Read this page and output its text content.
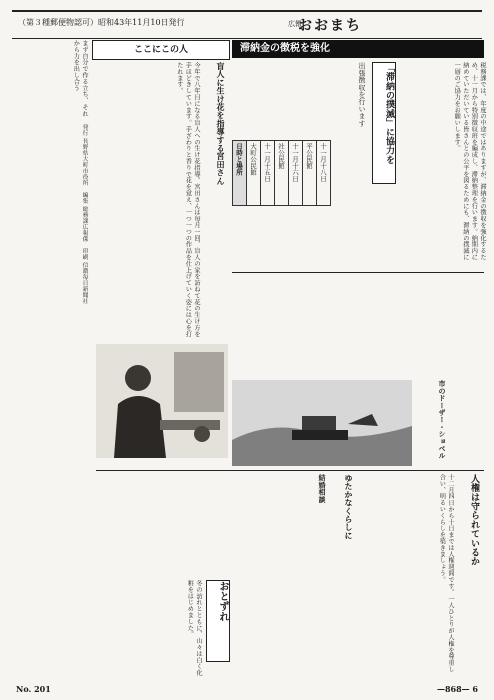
（第３種郵便物認可）昭和43年11月10日発行	広報
おおまち
ここにこの人	滞納金の徴税を強化
税務課では、年度の中途ではありますが、滞納金の徴収を強化するため、十一月から特別徴収班を編成し、滞納整理を行います。納期内に納めていただいている皆さんとの公平を図るためにも、滞納の撲滅に一層のご協力をお願いします。
「滞納の撲滅」に協力を
出張徴収を行います
日時と場所	大町公民館	十一月十五日	社公民館	十一月十六日	平公民館	十一月十八日
盲人に生け花を指導する宮田さん
今年で八年目になる盲人への生け花指導。宮田さんは毎月一回、盲人の家を訪ねて花の生け方を手ほどきしています。手ざわりと香りで花を覚え、一つ一つの作品を仕上げていく姿には心を打たれます。
まず自分で作る立ち、それから力を出し合う
発行 長野県大町市役所　編集 総務課広報係　印刷 信濃毎日新聞社
市のドーザー・ショベル
人権は守られているか
十二月四日から十日までは人権週間です。一人ひとりが人権を尊重し合い、明るいくらしを築きましょう。
ゆたかなくらしに
結婚相談
おとずれ
冬の訪れとともに、山々は白く化粧をはじめました。
No. 201	—868— 6
